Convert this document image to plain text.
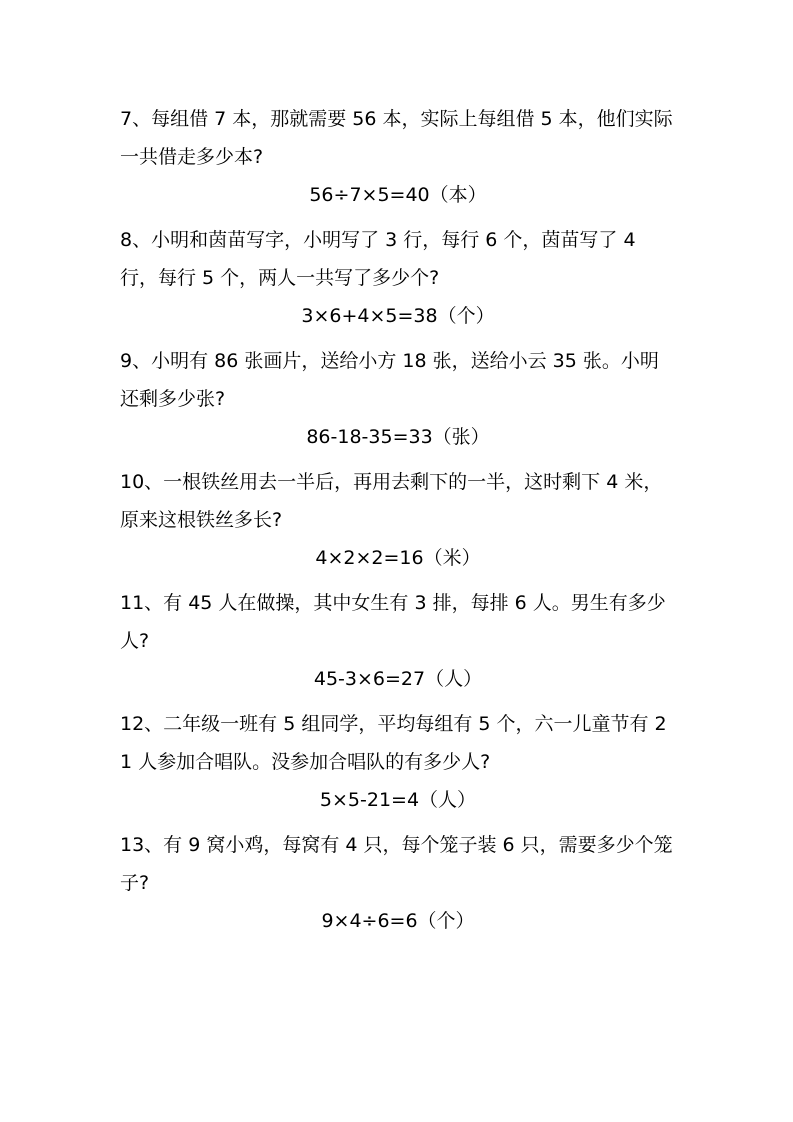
7、每组借 7 本，那就需要 56 本，实际上每组借 5 本，他们实际一共借走多少本?

56÷7×5=40（本）

8、小明和茵苗写字，小明写了 3 行，每行 6 个，茵苗写了 4 行，每行 5 个，两人一共写了多少个?

3×6+4×5=38（个）

9、小明有 86 张画片，送给小方 18 张，送给小云 35 张。小明还剩多少张?

86-18-35=33（张）

10、一根铁丝用去一半后，再用去剩下的一半，这时剩下 4 米，原来这根铁丝多长?

4×2×2=16（米）

11、有 45 人在做操，其中女生有 3 排，每排 6 人。男生有多少人?

45-3×6=27（人）

12、二年级一班有 5 组同学，平均每组有 5 个，六一儿童节有 21 人参加合唱队。没参加合唱队的有多少人?

5×5-21=4（人）

13、有 9 窝小鸡，每窝有 4 只，每个笼子装 6 只，需要多少个笼子?

9×4÷6=6（个）
